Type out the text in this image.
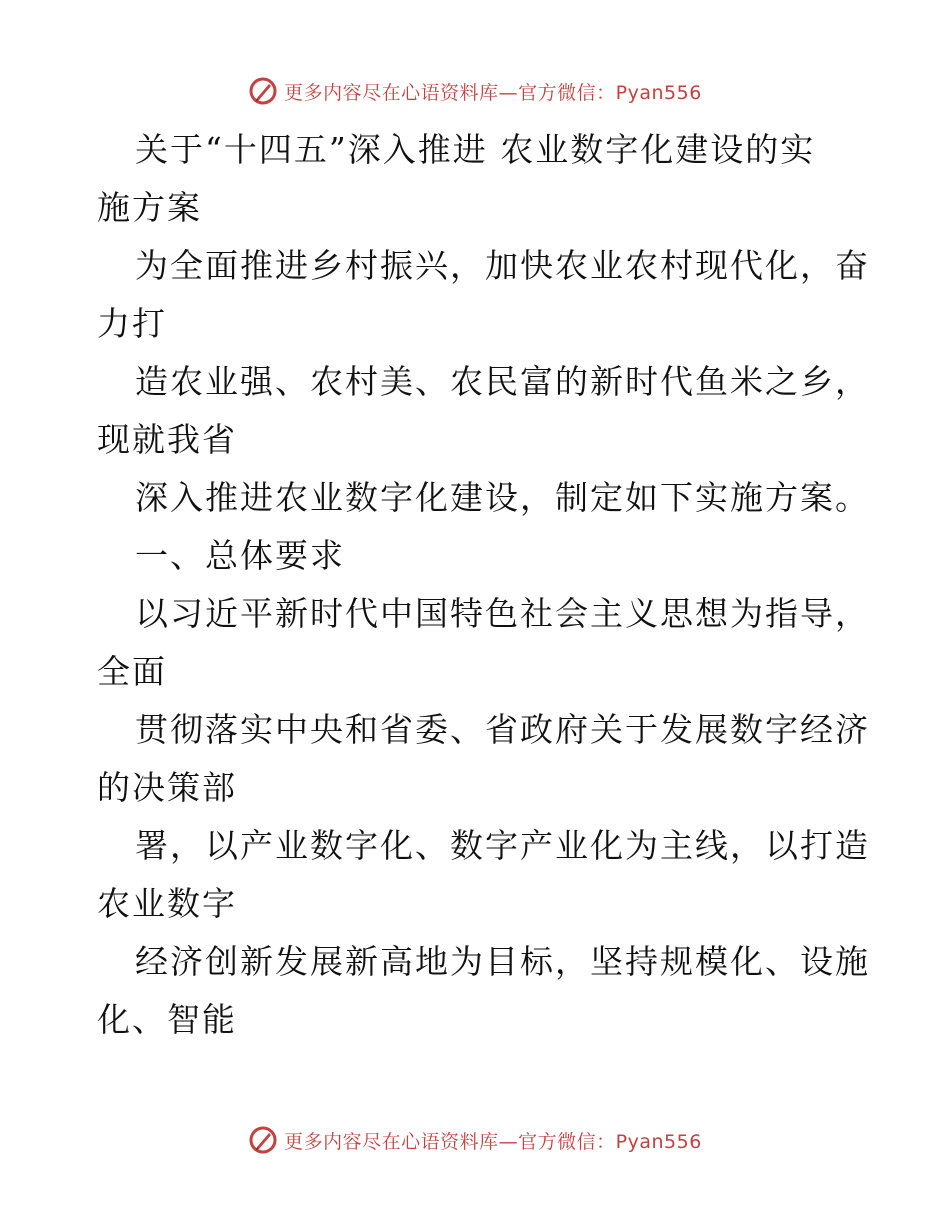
更多内容尽在心语资料库—官方微信：Pyan556
关于“十四五”深入推进 农业数字化建设的实
施方案
为全面推进乡村振兴，加快农业农村现代化，奋
力打
造农业强、农村美、农民富的新时代鱼米之乡，
现就我省
深入推进农业数字化建设，制定如下实施方案。
一、总体要求
以习近平新时代中国特色社会主义思想为指导，
全面
贯彻落实中央和省委、省政府关于发展数字经济
的决策部
署，以产业数字化、数字产业化为主线，以打造
农业数字
经济创新发展新高地为目标，坚持规模化、设施
化、智能
更多内容尽在心语资料库—官方微信：Pyan556
